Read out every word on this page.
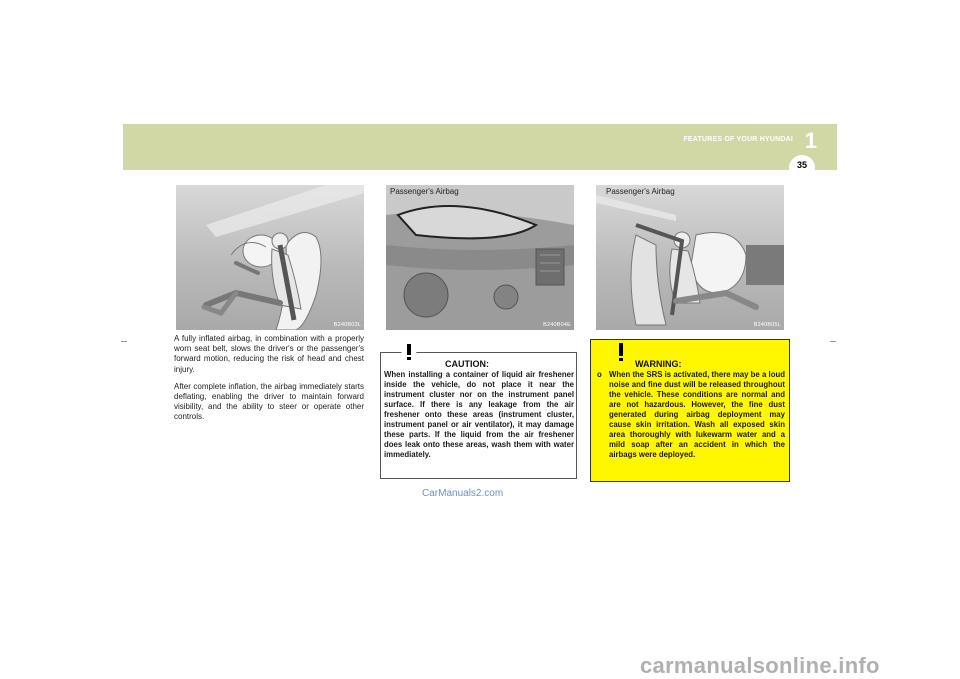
FEATURES OF YOUR HYUNDAI 1
35
B240B03L
Passenger's Airbag
B240B04E
Passenger's Airbag
B240B05L

A fully inflated airbag, in combination with a properly worn seat belt, slows the driver's or the passenger's forward motion, reducing the risk of head and chest injury.

After complete inflation, the airbag immediately starts deflating, enabling the driver to maintain forward visibility, and the ability to steer or operate other controls.

CAUTION:
When installing a container of liquid air freshener inside the vehicle, do not place it near the instrument cluster nor on the instrument panel surface. If there is any leakage from the air freshener onto these areas (instrument cluster, instrument panel or air ventilator), it may damage these parts. If the liquid from the air freshener does leak onto these areas, wash them with water immediately.
WARNING:
o When the SRS is activated, there may be a loud noise and fine dust will be released throughout the vehicle. These conditions are normal and are not hazardous. However, the fine dust generated during airbag deployment may cause skin irritation. Wash all exposed skin area thoroughly with lukewarm water and a mild soap after an accident in which the airbags were deployed.
CarManuals2.com
carmanualsonline.info
